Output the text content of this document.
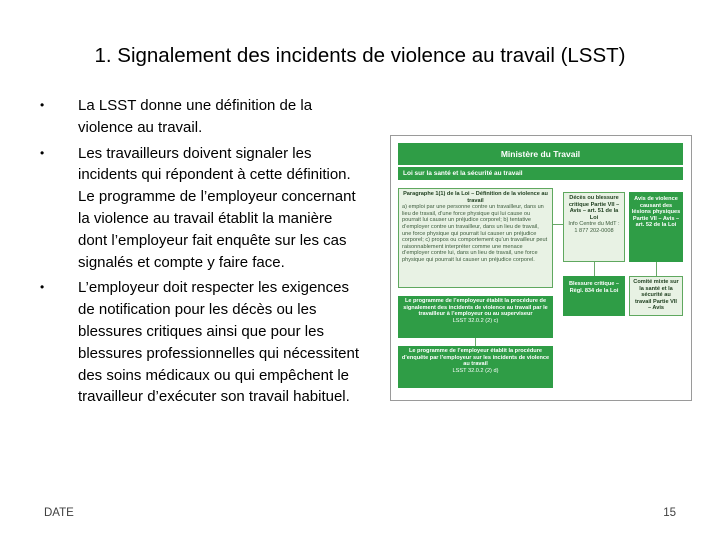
1. Signalement des incidents de violence au travail (LSST)
• La LSST donne une définition de la violence au travail.
• Les travailleurs doivent signaler les incidents qui répondent à cette définition. Le programme de l’employeur concernant la violence au travail établit la manière dont l’employeur fait enquête sur les cas signalés et compte y faire face.
• L’employeur doit respecter les exigences de notification pour les décès ou les blessures critiques ainsi que pour les blessures professionnelles qui nécessitent des soins médicaux ou qui empêchent le travailleur d’exécuter son travail habituel.
Ministère du Travail
Loi sur la santé et la sécurité au travail
Paragraphe 1(1) de la Loi – Définition de la violence au travail
a) emploi par une personne contre un travailleur, dans un lieu de travail, d’une force physique qui lui cause ou pourrait lui causer un préjudice corporel; b) tentative d’employer contre un travailleur, dans un lieu de travail, une force physique qui pourrait lui causer un préjudice corporel; c) propos ou comportement qu’un travailleur peut raisonnablement interpréter comme une menace d’employer contre lui, dans un lieu de travail, une force physique qui pourrait lui causer un préjudice corporel.
Décès ou blessure critique Partie VII – Avis – art. 51 de la Loi
Info Centre du MdT : 1 877 202-0008
Avis de violence causant des lésions physiques Partie VII – Avis – art. 52 de la Loi
Blessure critique – Règl. 834 de la Loi
Comité mixte sur la santé et la sécurité au travail Partie VII – Avis
Le programme de l’employeur établit la procédure de signalement des incidents de violence au travail par le travailleur à l’employeur ou au superviseur
LSST 32.0.2 (2) c)
Le programme de l’employeur établit la procédure d’enquête par l’employeur sur les incidents de violence au travail
LSST 32.0.2 (2) d)
DATE	15
